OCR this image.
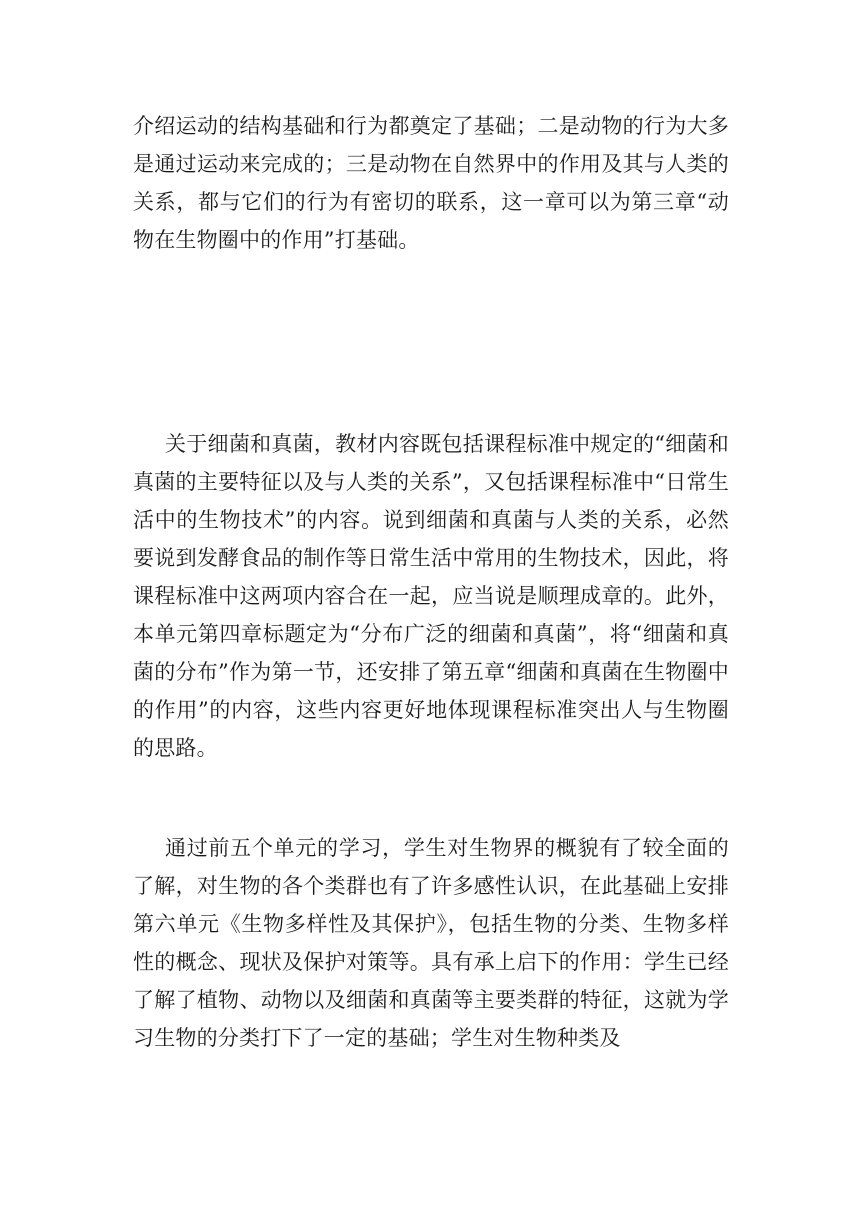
介绍运动的结构基础和行为都奠定了基础；二是动物的行为大多是通过运动来完成的；三是动物在自然界中的作用及其与人类的关系，都与它们的行为有密切的联系，这一章可以为第三章“动物在生物圈中的作用”打基础。

关于细菌和真菌，教材内容既包括课程标准中规定的“细菌和真菌的主要特征以及与人类的关系”，又包括课程标准中“日常生活中的生物技术”的内容。说到细菌和真菌与人类的关系，必然要说到发酵食品的制作等日常生活中常用的生物技术，因此，将课程标准中这两项内容合在一起，应当说是顺理成章的。此外，本单元第四章标题定为“分布广泛的细菌和真菌”，将“细菌和真菌的分布”作为第一节，还安排了第五章“细菌和真菌在生物圈中的作用”的内容，这些内容更好地体现课程标准突出人与生物圈的思路。

通过前五个单元的学习，学生对生物界的概貌有了较全面的了解，对生物的各个类群也有了许多感性认识，在此基础上安排第六单元《生物多样性及其保护》，包括生物的分类、生物多样性的概念、现状及保护对策等。具有承上启下的作用：学生已经了解了植物、动物以及细菌和真菌等主要类群的特征，这就为学习生物的分类打下了一定的基础；学生对生物种类及
